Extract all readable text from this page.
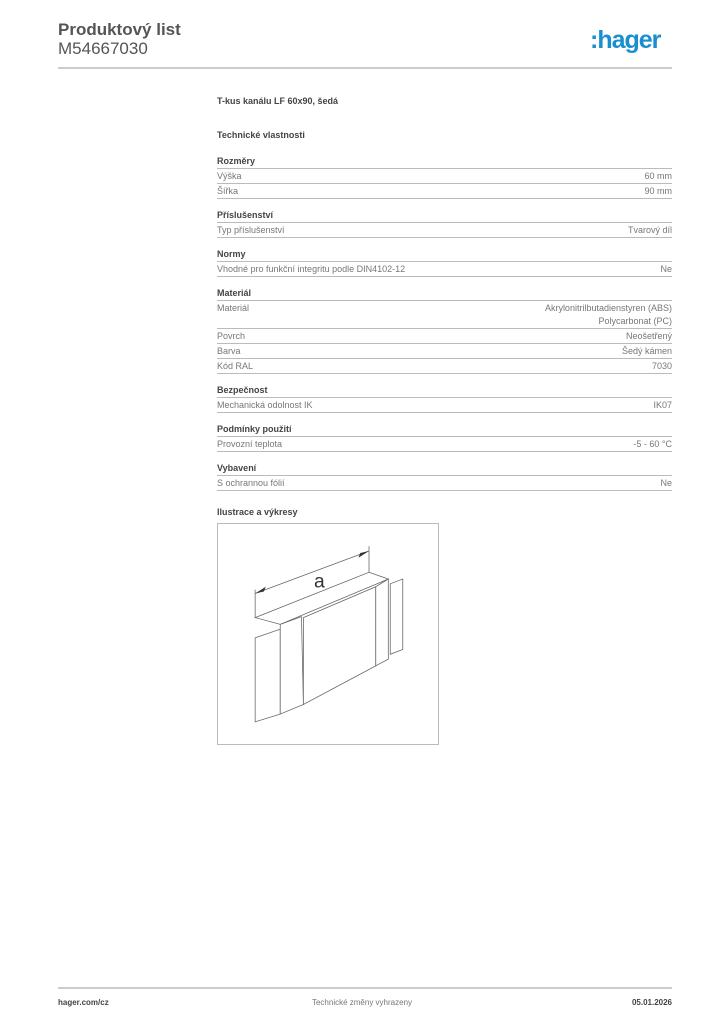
Produktový list
M54667030	:hager
T-kus kanálu LF 60x90, šedá
Technické vlastnosti
Rozměry
Výška	60 mm
Šířka	90 mm
Příslušenství
Typ příslušenství	Tvarový díl
Normy
Vhodné pro funkční integritu podle DIN4102-12	Ne
Materiál
Materiál	Akrylonitrilbutadienstyren (ABS)
Polycarbonat (PC)
Povrch	Neošetřený
Barva	Šedý kámen
Kód RAL	7030
Bezpečnost
Mechanická odolnost IK	IK07
Podmínky použití
Provozní teplota	-5 - 60 °C
Vybavení
S ochrannou fólií	Ne
Ilustrace a výkresy
a
hager.com/cz	Technické změny vyhrazeny	05.01.2026
